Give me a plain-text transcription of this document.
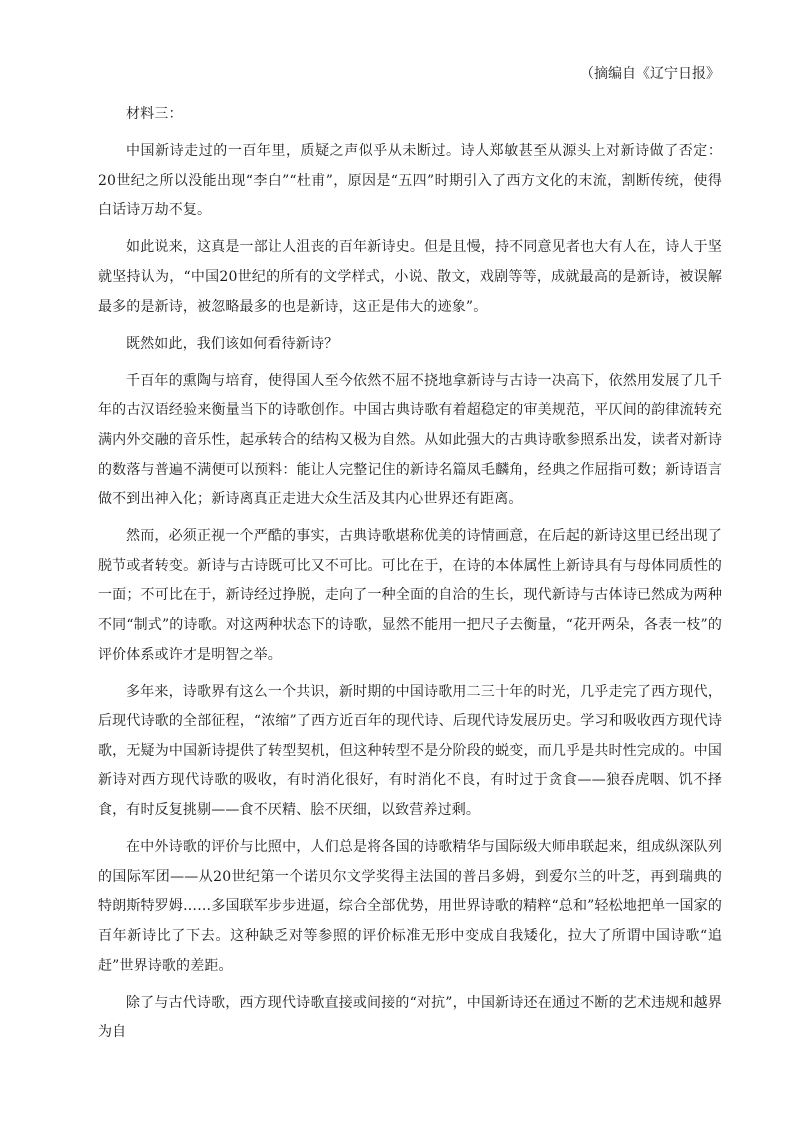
（摘编自《辽宁日报》

材料三：

中国新诗走过的一百年里，质疑之声似乎从未断过。诗人郑敏甚至从源头上对新诗做了否定：20世纪之所以没能出现“李白”“杜甫”，原因是“五四”时期引入了西方文化的末流，割断传统，使得白话诗万劫不复。

如此说来，这真是一部让人沮丧的百年新诗史。但是且慢，持不同意见者也大有人在，诗人于坚就坚持认为，“中国20世纪的所有的文学样式，小说、散文，戏剧等等，成就最高的是新诗，被误解最多的是新诗，被忽略最多的也是新诗，这正是伟大的迹象”。

既然如此，我们该如何看待新诗？

千百年的熏陶与培育，使得国人至今依然不屈不挠地拿新诗与古诗一决高下，依然用发展了几千年的古汉语经验来衡量当下的诗歌创作。中国古典诗歌有着超稳定的审美规范，平仄间的韵律流转充满内外交融的音乐性，起承转合的结构又极为自然。从如此强大的古典诗歌参照系出发，读者对新诗的数落与普遍不满便可以预料：能让人完整记住的新诗名篇凤毛麟角，经典之作屈指可数；新诗语言做不到出神入化；新诗离真正走进大众生活及其内心世界还有距离。

然而，必须正视一个严酷的事实，古典诗歌堪称优美的诗情画意，在后起的新诗这里已经出现了脱节或者转变。新诗与古诗既可比又不可比。可比在于，在诗的本体属性上新诗具有与母体同质性的一面；不可比在于，新诗经过挣脱，走向了一种全面的自洽的生长，现代新诗与古体诗已然成为两种不同“制式”的诗歌。对这两种状态下的诗歌，显然不能用一把尺子去衡量，“花开两朵，各表一枝”的评价体系或许才是明智之举。

多年来，诗歌界有这么一个共识，新时期的中国诗歌用二三十年的时光，几乎走完了西方现代，后现代诗歌的全部征程，“浓缩”了西方近百年的现代诗、后现代诗发展历史。学习和吸收西方现代诗歌，无疑为中国新诗提供了转型契机，但这种转型不是分阶段的蜕变，而几乎是共时性完成的。中国新诗对西方现代诗歌的吸收，有时消化很好，有时消化不良，有时过于贪食——狼吞虎咽、饥不择食，有时反复挑剔——食不厌精、脍不厌细，以致营养过剩。

在中外诗歌的评价与比照中，人们总是将各国的诗歌精华与国际级大师串联起来，组成纵深队列的国际军团——从20世纪第一个诺贝尔文学奖得主法国的普吕多姆，到爱尔兰的叶芝，再到瑞典的特朗斯特罗姆……多国联军步步进逼，综合全部优势，用世界诗歌的精粹“总和”轻松地把单一国家的百年新诗比了下去。这种缺乏对等参照的评价标准无形中变成自我矮化，拉大了所谓中国诗歌“追赶”世界诗歌的差距。

除了与古代诗歌，西方现代诗歌直接或间接的“对抗”，中国新诗还在通过不断的艺术违规和越界为自
